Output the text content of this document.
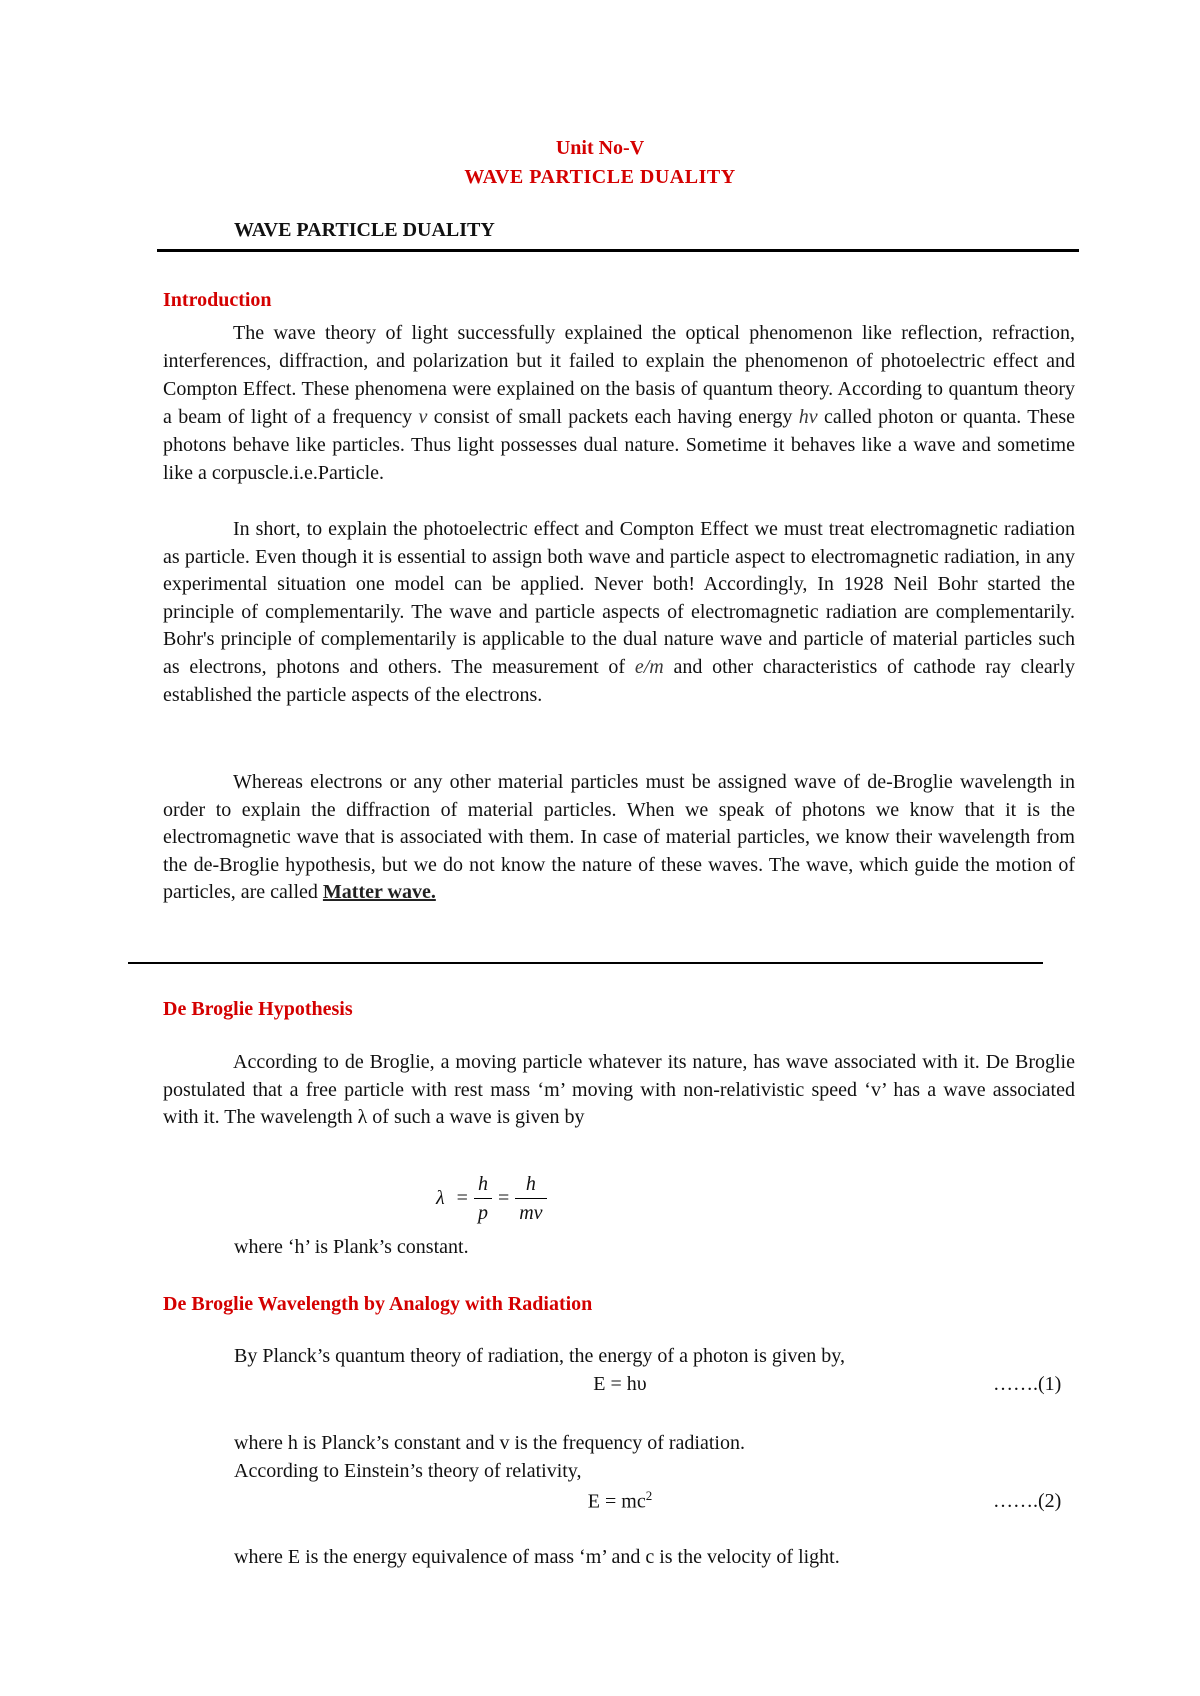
Unit No-V
WAVE PARTICLE DUALITY
WAVE PARTICLE DUALITY
Introduction

The wave theory of light successfully explained the optical phenomenon like reflection, refraction, interferences, diffraction, and polarization but it failed to explain the phenomenon of photoelectric effect and Compton Effect. These phenomena were explained on the basis of quantum theory. According to quantum theory a beam of light of a frequency ν consist of small packets each having energy hν called photon or quanta. These photons behave like particles. Thus light possesses dual nature. Sometime it behaves like a wave and sometime like a corpuscle.i.e.Particle.

In short, to explain the photoelectric effect and Compton Effect we must treat electromagnetic radiation as particle. Even though it is essential to assign both wave and particle aspect to electromagnetic radiation, in any experimental situation one model can be applied. Never both! Accordingly, In 1928 Neil Bohr started the principle of complementarily. The wave and particle aspects of electromagnetic radiation are complementarily. Bohr's principle of complementarily is applicable to the dual nature wave and particle of material particles such as electrons, photons and others. The measurement of e/m and other characteristics of cathode ray clearly established the particle aspects of the electrons.

Whereas electrons or any other material particles must be assigned wave of de-Broglie wavelength in order to explain the diffraction of material particles. When we speak of photons we know that it is the electromagnetic wave that is associated with them. In case of material particles, we know their wavelength from the de-Broglie hypothesis, but we do not know the nature of these waves. The wave, which guide the motion of particles, are called Matter wave.

De Broglie Hypothesis

According to de Broglie, a moving particle whatever its nature, has wave associated with it. De Broglie postulated that a free particle with rest mass ‘m’ moving with non-relativistic speed ‘v’ has a wave associated with it. The wavelength λ of such a wave is given by

$\lambda = \frac{h}{p} = \frac{h}{mv}$
where ‘h’ is Plank’s constant.
De Broglie Wavelength by Analogy with Radiation
By Planck’s quantum theory of radiation, the energy of a photon is given by,
E = hυ	…….(1)
where h is Planck’s constant and v is the frequency of radiation.
According to Einstein’s theory of relativity,
$E = mc^2$	…….(2)
where E is the energy equivalence of mass ‘m’ and c is the velocity of light.
